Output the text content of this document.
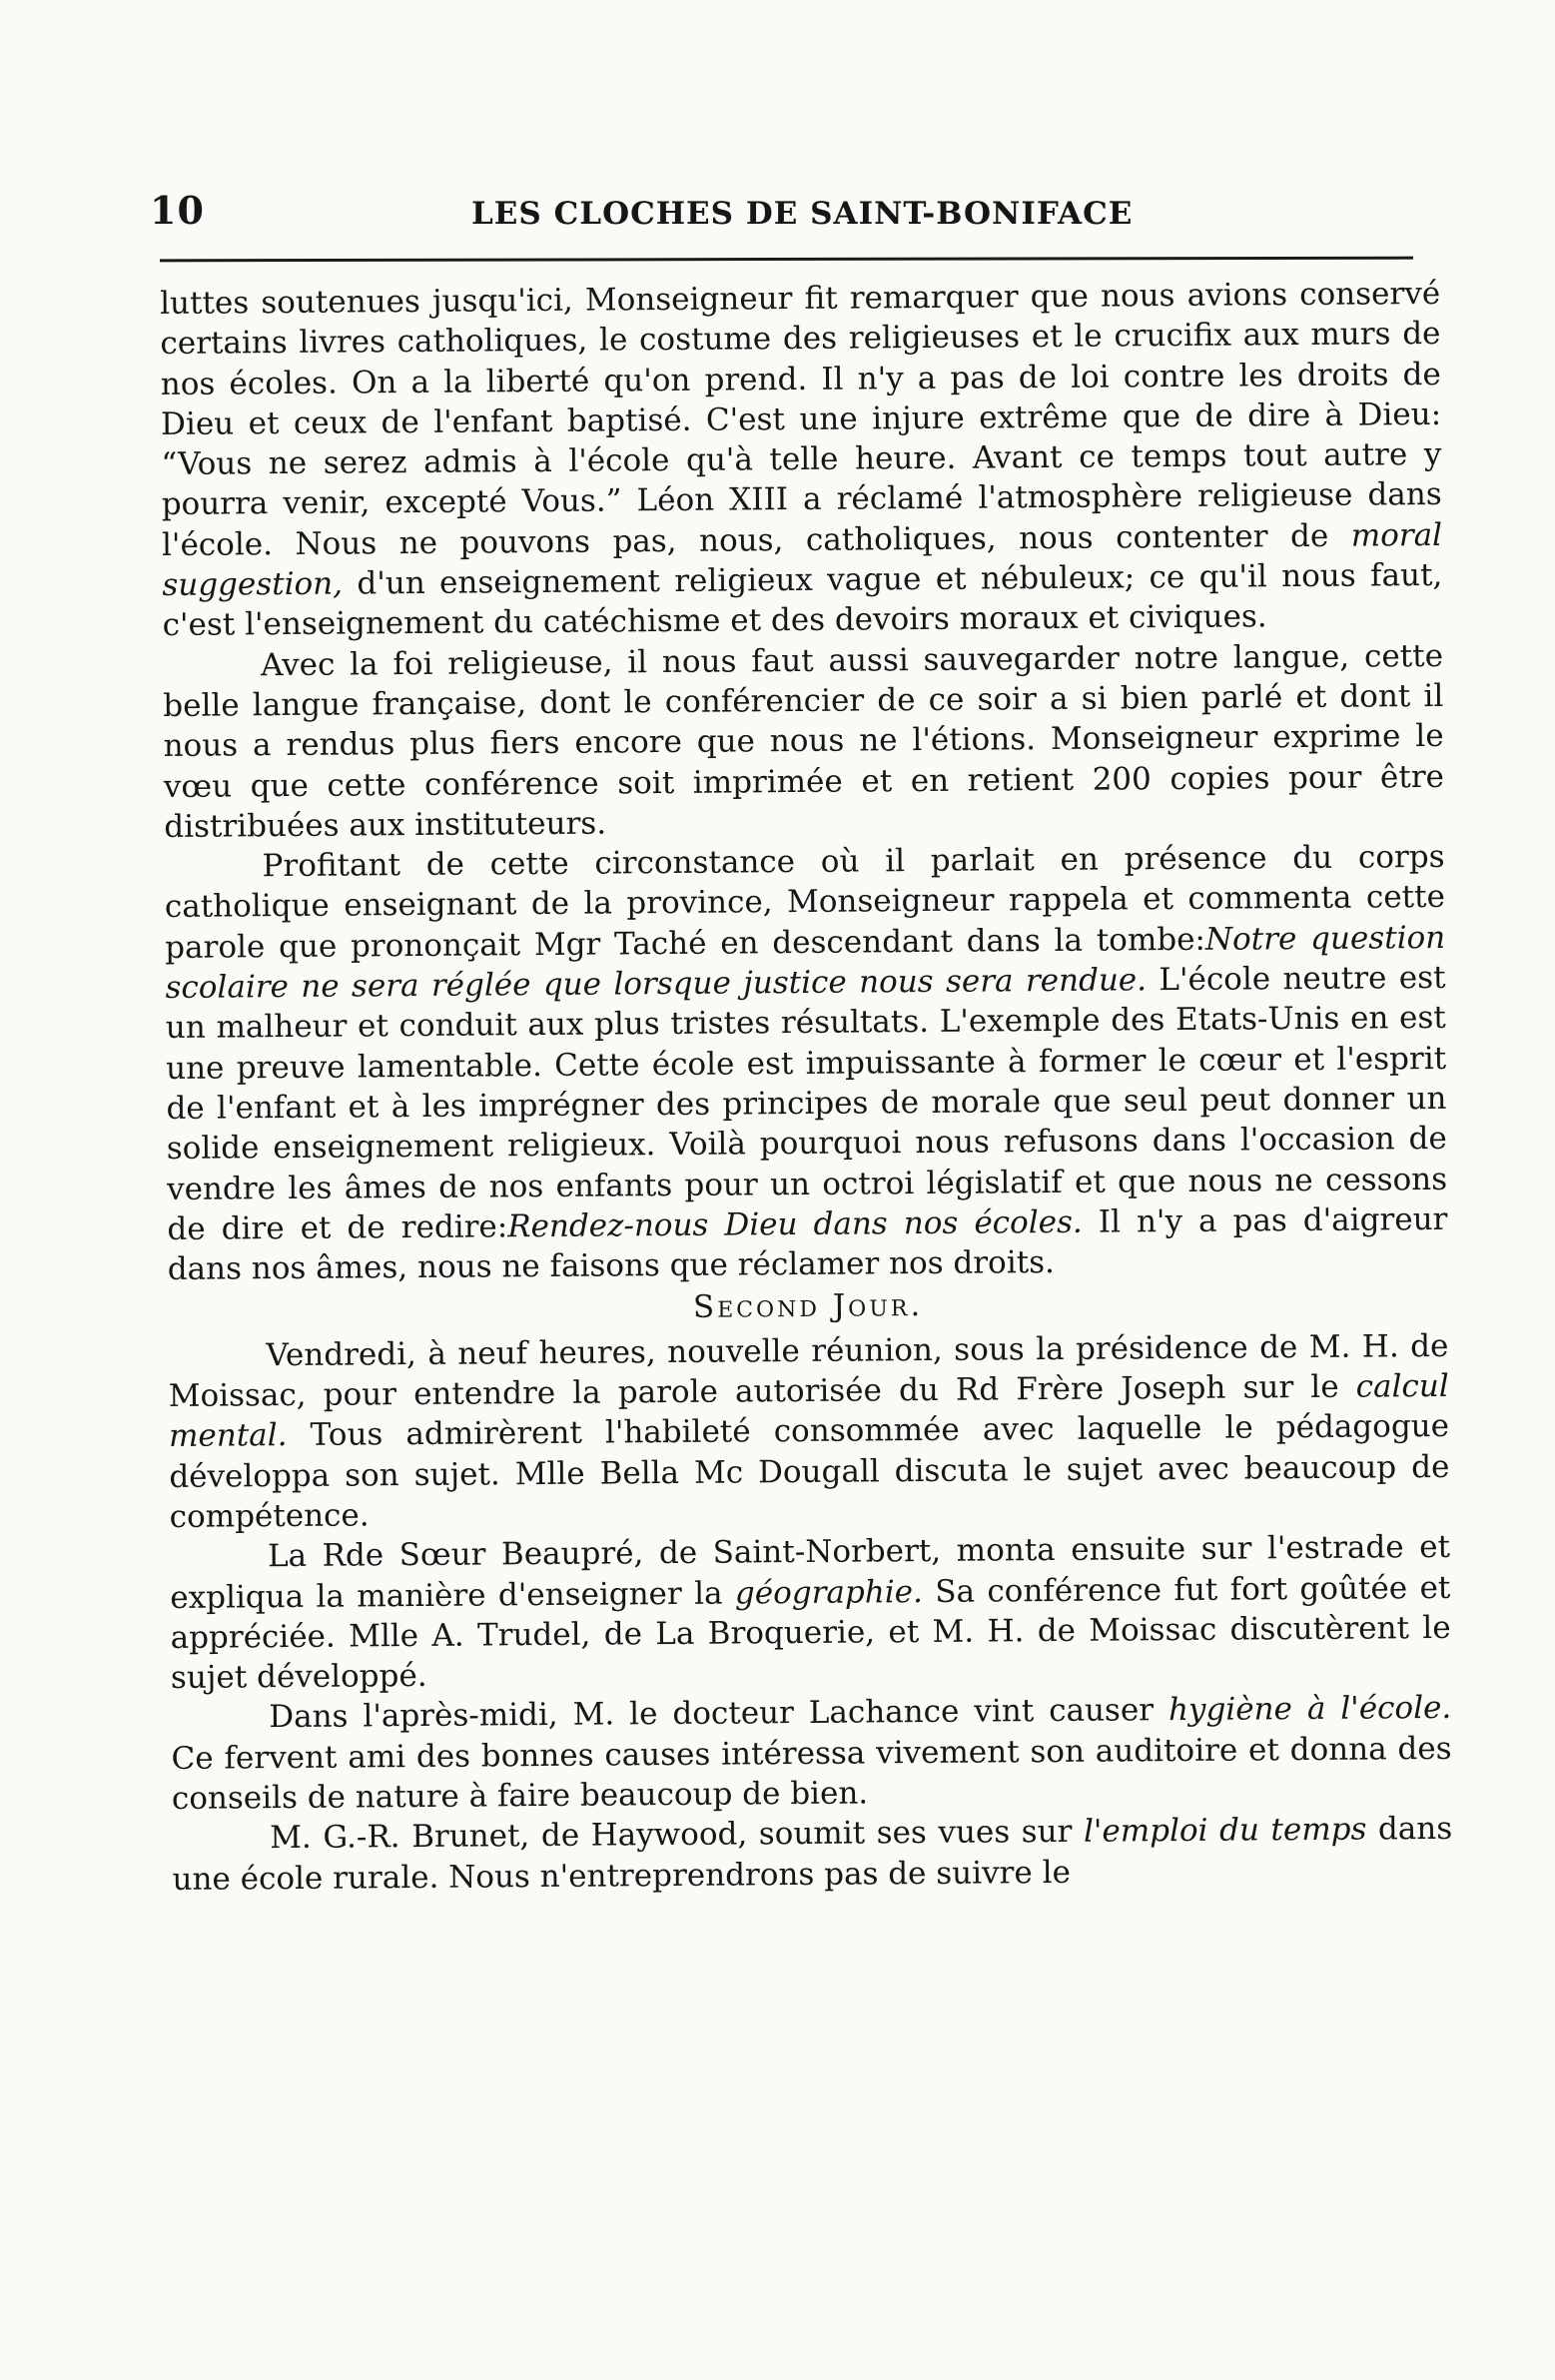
10	LES CLOCHES DE SAINT-BONIFACE

luttes soutenues jusqu'ici, Monseigneur fit remarquer que nous avions conservé certains livres catholiques, le costume des religieuses et le crucifix aux murs de nos écoles. On a la liberté qu'on prend. Il n'y a pas de loi contre les droits de Dieu et ceux de l'enfant baptisé. C'est une injure extrême que de dire à Dieu: “Vous ne serez admis à l'école qu'à telle heure. Avant ce temps tout autre y pourra venir, excepté Vous.” Léon XIII a réclamé l'atmosphère religieuse dans l'école. Nous ne pouvons pas, nous, catholiques, nous contenter de moral suggestion, d'un enseignement religieux vague et nébuleux; ce qu'il nous faut, c'est l'enseignement du catéchisme et des devoirs moraux et civiques.

Avec la foi religieuse, il nous faut aussi sauvegarder notre langue, cette belle langue française, dont le conférencier de ce soir a si bien parlé et dont il nous a rendus plus fiers encore que nous ne l'étions. Monseigneur exprime le vœu que cette conférence soit imprimée et en retient 200 copies pour être distribuées aux instituteurs.

Profitant de cette circonstance où il parlait en présence du corps catholique enseignant de la province, Monseigneur rappela et commenta cette parole que prononçait Mgr Taché en descendant dans la tombe:Notre question scolaire ne sera réglée que lorsque justice nous sera rendue. L'école neutre est un malheur et conduit aux plus tristes résultats. L'exemple des Etats-Unis en est une preuve lamentable. Cette école est impuissante à former le cœur et l'esprit de l'enfant et à les imprégner des principes de morale que seul peut donner un solide enseignement religieux. Voilà pourquoi nous refusons dans l'occasion de vendre les âmes de nos enfants pour un octroi législatif et que nous ne cessons de dire et de redire:Rendez-nous Dieu dans nos écoles. Il n'y a pas d'aigreur dans nos âmes, nous ne faisons que réclamer nos droits.

Second Jour.

Vendredi, à neuf heures, nouvelle réunion, sous la présidence de M. H. de Moissac, pour entendre la parole autorisée du Rd Frère Joseph sur le calcul mental. Tous admirèrent l'habileté consommée avec laquelle le pédagogue développa son sujet. Mlle Bella Mc Dougall discuta le sujet avec beaucoup de compétence.

La Rde Sœur Beaupré, de Saint-Norbert, monta ensuite sur l'estrade et expliqua la manière d'enseigner la géographie. Sa conférence fut fort goûtée et appréciée. Mlle A. Trudel, de La Broquerie, et M. H. de Moissac discutèrent le sujet développé.

Dans l'après-midi, M. le docteur Lachance vint causer hygiène à l'école. Ce fervent ami des bonnes causes intéressa vivement son auditoire et donna des conseils de nature à faire beaucoup de bien.

M. G.-R. Brunet, de Haywood, soumit ses vues sur l'emploi du temps dans une école rurale. Nous n'entreprendrons pas de suivre le
